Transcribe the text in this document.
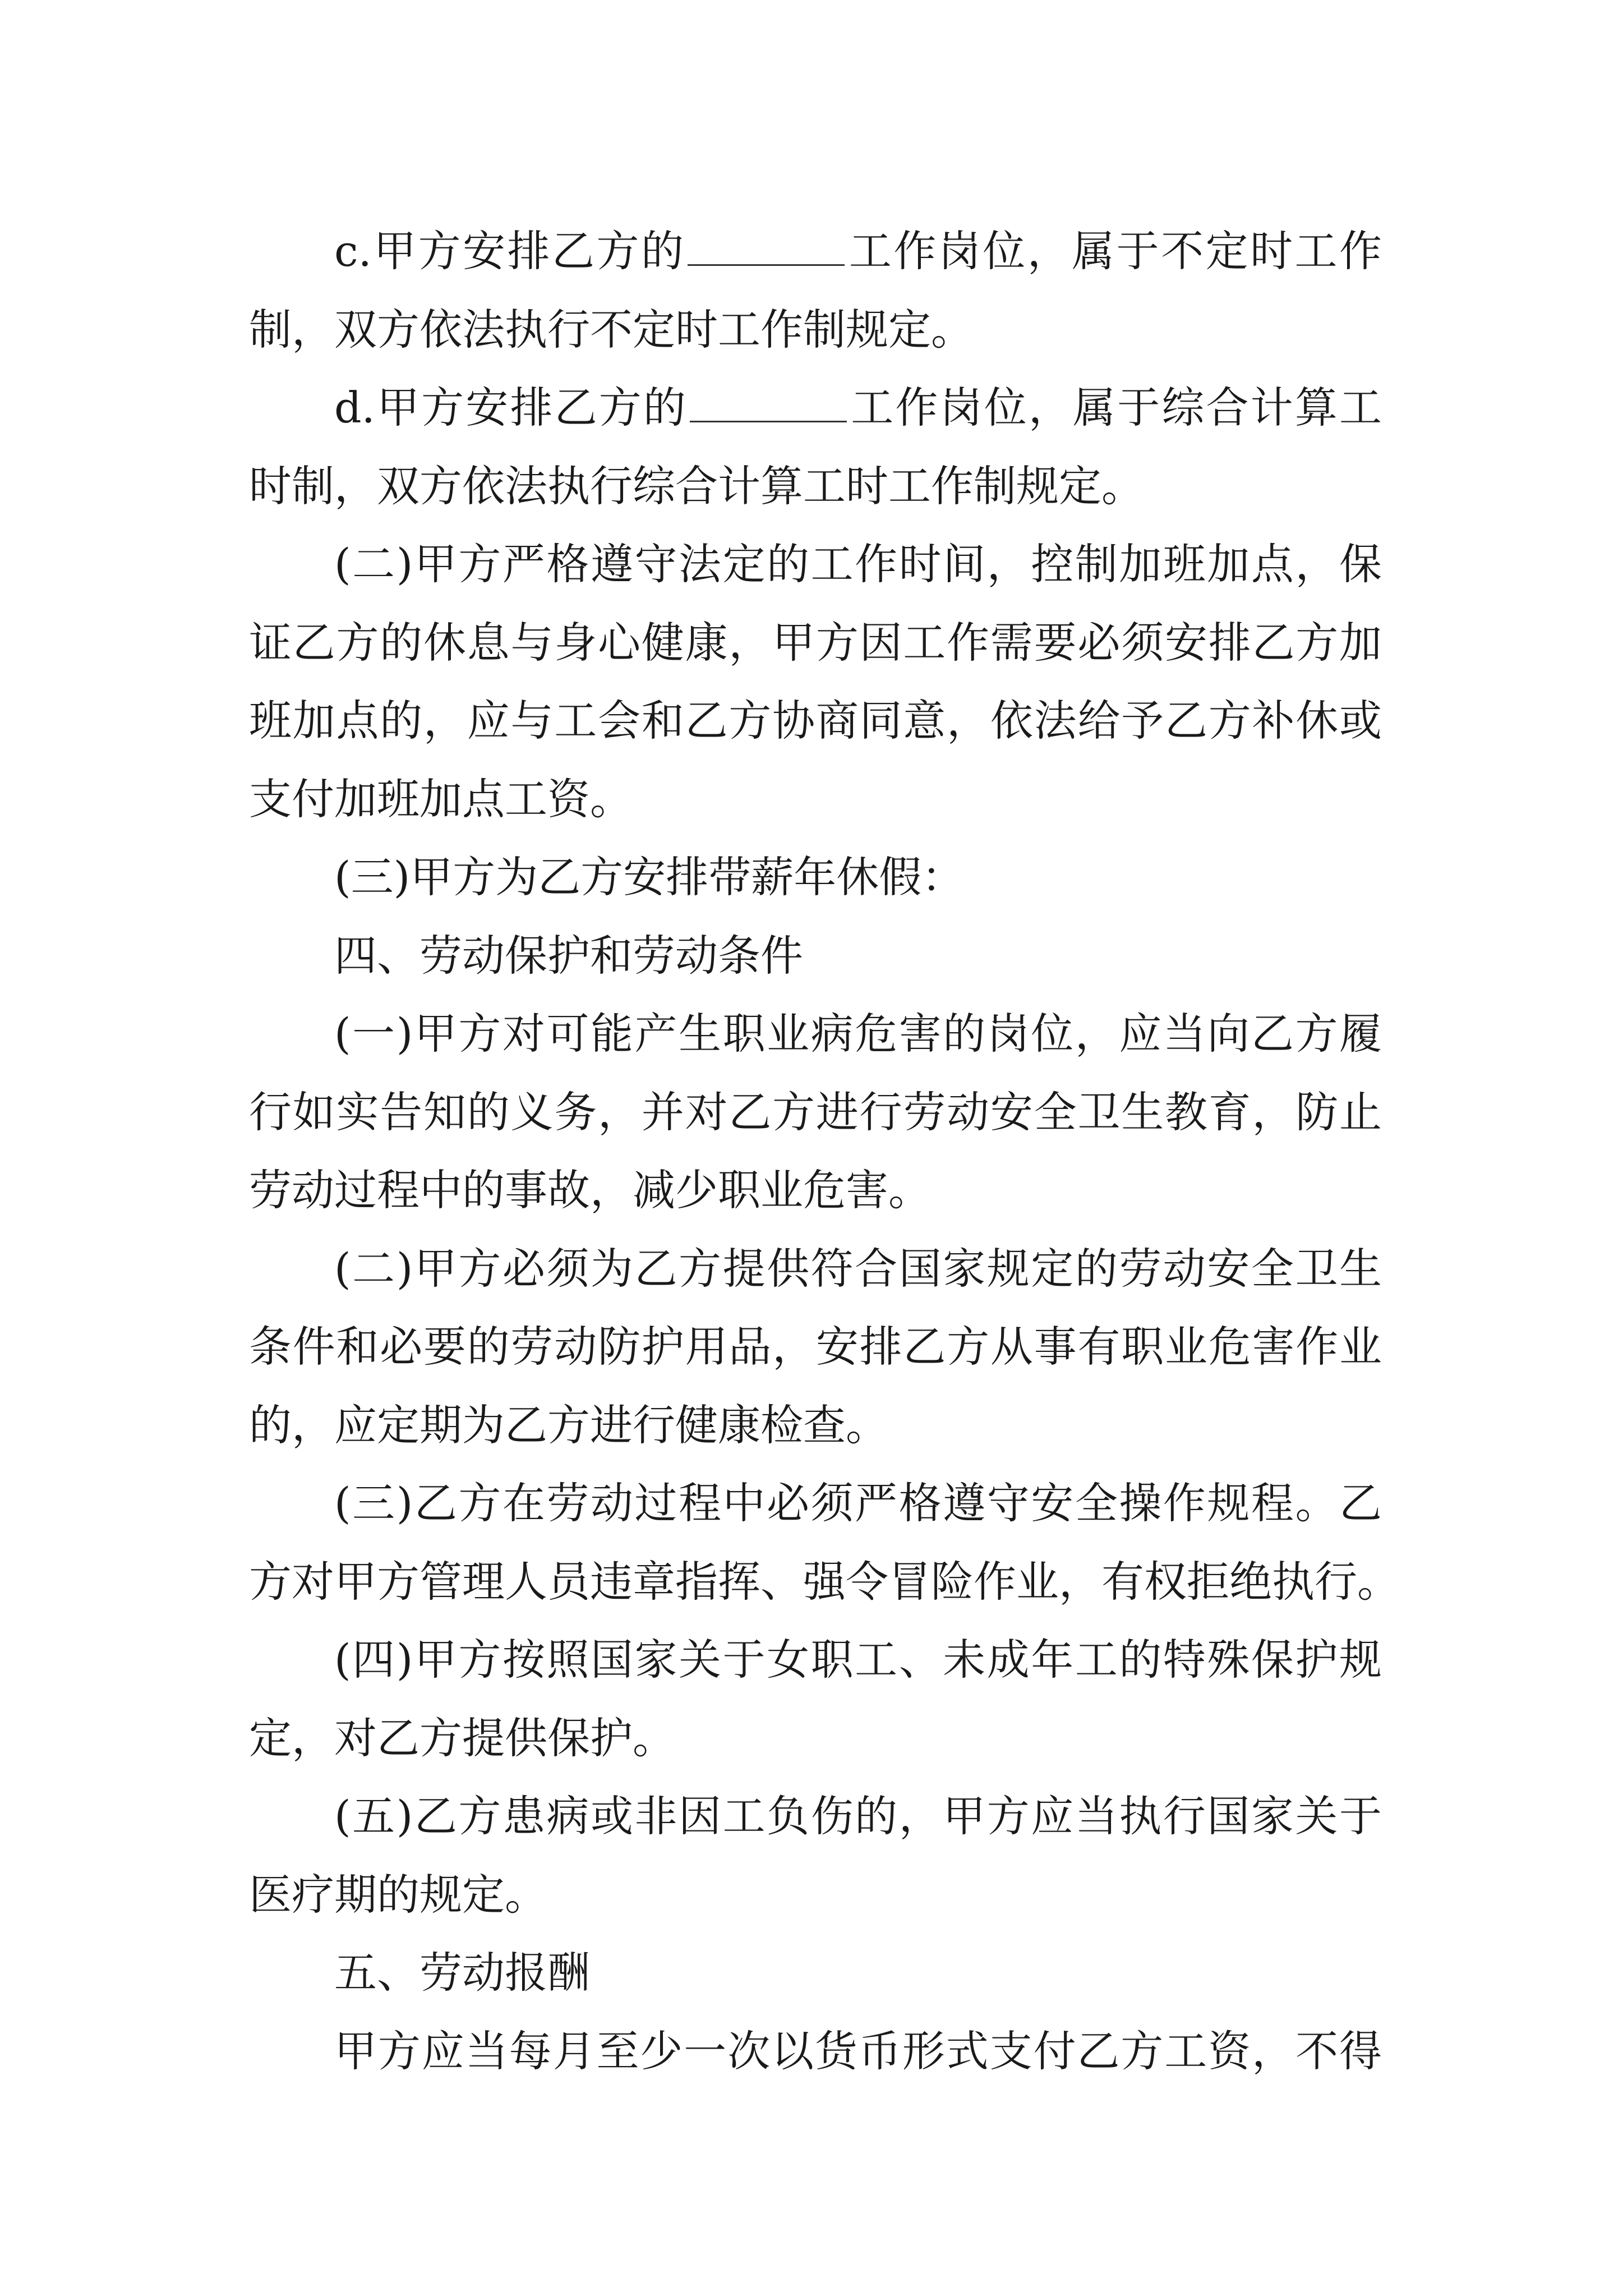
c.甲方安排乙方的	工作岗位，属于不定时工作
制，双方依法执行不定时工作制规定。
d.甲方安排乙方的	工作岗位，属于综合计算工
时制，双方依法执行综合计算工时工作制规定。
(二)甲方严格遵守法定的工作时间，控制加班加点，保
证乙方的休息与身心健康，甲方因工作需要必须安排乙方加
班加点的，应与工会和乙方协商同意，依法给予乙方补休或
支付加班加点工资。
(三)甲方为乙方安排带薪年休假：
四、劳动保护和劳动条件
(一)甲方对可能产生职业病危害的岗位，应当向乙方履
行如实告知的义务，并对乙方进行劳动安全卫生教育，防止
劳动过程中的事故，减少职业危害。
(二)甲方必须为乙方提供符合国家规定的劳动安全卫生
条件和必要的劳动防护用品，安排乙方从事有职业危害作业
的，应定期为乙方进行健康检查。
(三)乙方在劳动过程中必须严格遵守安全操作规程。乙
方对甲方管理人员违章指挥、强令冒险作业，有权拒绝执行。
(四)甲方按照国家关于女职工、未成年工的特殊保护规
定，对乙方提供保护。
(五)乙方患病或非因工负伤的，甲方应当执行国家关于
医疗期的规定。
五、劳动报酬
甲方应当每月至少一次以货币形式支付乙方工资，不得
